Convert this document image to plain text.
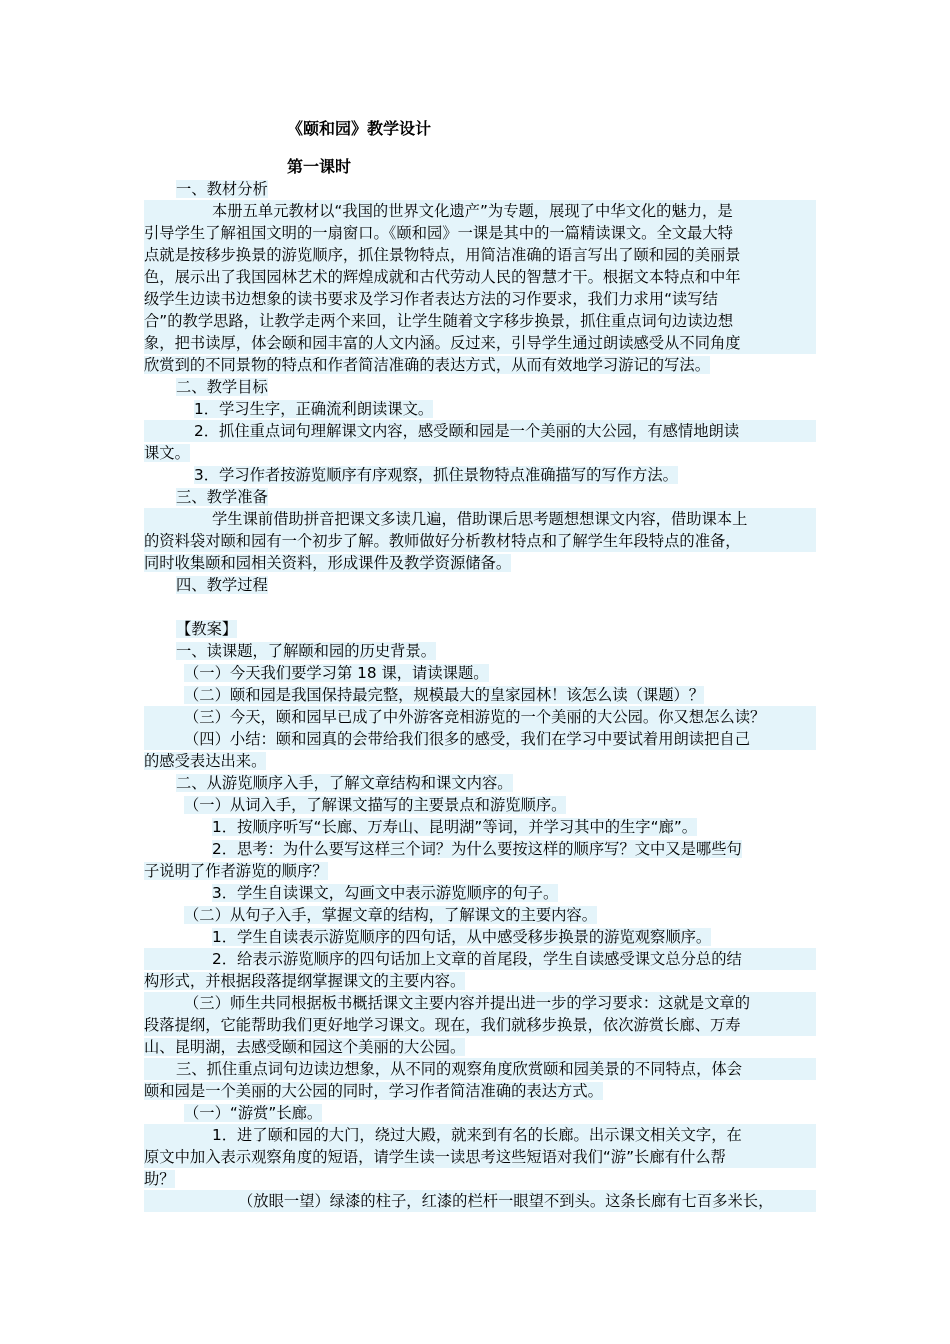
《颐和园》教学设计
第一课时
一、教材分析
本册五单元教材以“我国的世界文化遗产”为专题，展现了中华文化的魅力，是
引导学生了解祖国文明的一扇窗口。《颐和园》一课是其中的一篇精读课文。全文最大特
点就是按移步换景的游览顺序，抓住景物特点，用简洁准确的语言写出了颐和园的美丽景
色，展示出了我国园林艺术的辉煌成就和古代劳动人民的智慧才干。根据文本特点和中年
级学生边读书边想象的读书要求及学习作者表达方法的习作要求，我们力求用“读写结
合”的教学思路，让教学走两个来回，让学生随着文字移步换景，抓住重点词句边读边想
象，把书读厚，体会颐和园丰富的人文内涵。反过来，引导学生通过朗读感受从不同角度
欣赏到的不同景物的特点和作者简洁准确的表达方式，从而有效地学习游记的写法。
二、教学目标
1．学习生字，正确流利朗读课文。
2．抓住重点词句理解课文内容，感受颐和园是一个美丽的大公园，有感情地朗读
课文。
3．学习作者按游览顺序有序观察，抓住景物特点准确描写的写作方法。
三、教学准备
学生课前借助拼音把课文多读几遍，借助课后思考题想想课文内容，借助课本上
的资料袋对颐和园有一个初步了解。教师做好分析教材特点和了解学生年段特点的准备，
同时收集颐和园相关资料，形成课件及教学资源储备。
四、教学过程
【教案】
一、读课题，了解颐和园的历史背景。
（一）今天我们要学习第 18 课，请读课题。
（二）颐和园是我国保持最完整，规模最大的皇家园林！该怎么读（课题）？
（三）今天，颐和园早已成了中外游客竞相游览的一个美丽的大公园。你又想怎么读？
（四）小结：颐和园真的会带给我们很多的感受，我们在学习中要试着用朗读把自己
的感受表达出来。
二、从游览顺序入手，了解文章结构和课文内容。
（一）从词入手，了解课文描写的主要景点和游览顺序。
1．按顺序听写“长廊、万寿山、昆明湖”等词，并学习其中的生字“廊”。
2．思考：为什么要写这样三个词？为什么要按这样的顺序写？文中又是哪些句
子说明了作者游览的顺序？
3．学生自读课文，勾画文中表示游览顺序的句子。
（二）从句子入手，掌握文章的结构，了解课文的主要内容。
1．学生自读表示游览顺序的四句话，从中感受移步换景的游览观察顺序。
2．给表示游览顺序的四句话加上文章的首尾段，学生自读感受课文总分总的结
构形式，并根据段落提纲掌握课文的主要内容。
（三）师生共同根据板书概括课文主要内容并提出进一步的学习要求：这就是文章的
段落提纲，它能帮助我们更好地学习课文。现在，我们就移步换景，依次游赏长廊、万寿
山、昆明湖，去感受颐和园这个美丽的大公园。
三、抓住重点词句边读边想象，从不同的观察角度欣赏颐和园美景的不同特点，体会
颐和园是一个美丽的大公园的同时，学习作者简洁准确的表达方式。
（一）“游赏”长廊。
1．进了颐和园的大门，绕过大殿，就来到有名的长廊。出示课文相关文字，在
原文中加入表示观察角度的短语，请学生读一读思考这些短语对我们“游”长廊有什么帮
助？
（放眼一望）绿漆的柱子，红漆的栏杆一眼望不到头。这条长廊有七百多米长，
